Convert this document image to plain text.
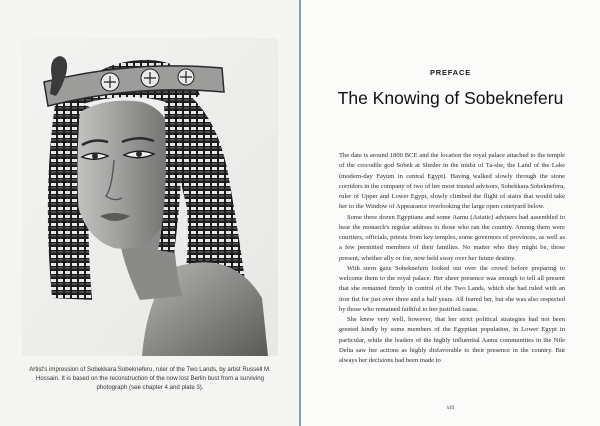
Artist's impression of Sobekkara Sobekneferu, ruler of the Two Lands, by artist Russell M. Hossain. It is based on the reconstruction of the now lost Berlin bust from a surviving photograph (see chapter 4 and plate 3).

PREFACE
The Knowing of Sobekneferu

The date is around 1800 BCE and the location the royal palace attached to the temple of the crocodile god Sobek at Sheder in the midst of Ta-she, the Land of the Lake (modern-day Fayum in central Egypt). Having walked slowly through the stone corridors in the company of two of her most trusted advisors, Sobekkara Sobekneferu, ruler of Upper and Lower Egypt, slowly climbed the flight of stairs that would take her to the Window of Appearance overlooking the large open courtyard below.

Some three dozen Egyptians and some Aamu (Asiatic) advisers had assembled to hear the monarch's regular address to those who ran the country. Among them were courtiers, officials, priests from key temples, some governors of provinces, as well as a few permitted members of their families. No matter who they might be, those present, whether ally or foe, now held sway over her future destiny.

With stern gaze Sobekneferu looked out over the crowd before preparing to welcome them to the royal palace. Her sheer presence was enough to tell all present that she remained firmly in control of the Two Lands, which she had ruled with an iron fist for just over three and a half years. All feared her, but she was also respected by those who remained faithful to her justified cause.

She knew very well, however, that her strict political strategies had not been greeted kindly by some members of the Egyptian population, in Lower Egypt in particular, while the leaders of the highly influential Aamu communities in the Nile Delta saw her actions as highly disfavorable to their presence in the country. But always her decisions had been made to

xiii
